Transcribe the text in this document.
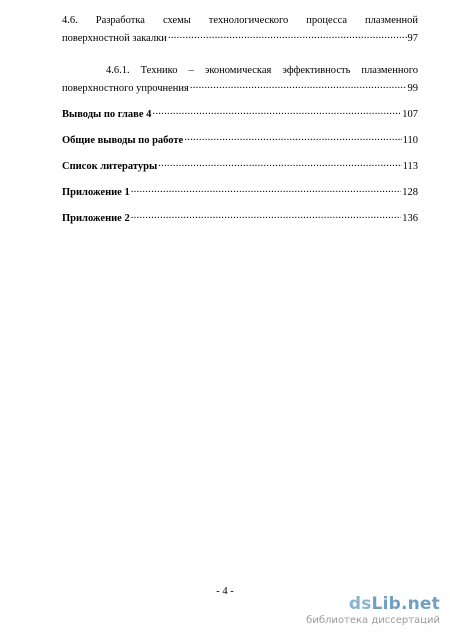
4.6. Разработка схемы технологического процесса плазменной
поверхностной закалки .....	97
4.6.1. Технико – экономическая эффективность плазменного
поверхностного упрочнения .....	99
Выводы по главе 4 .....	107
Общие выводы по работе .....	110
Список литературы .....	113
Приложение 1 .....	128
Приложение 2 .....	136
- 4 -
dsLib.net
библиотека диссертаций
